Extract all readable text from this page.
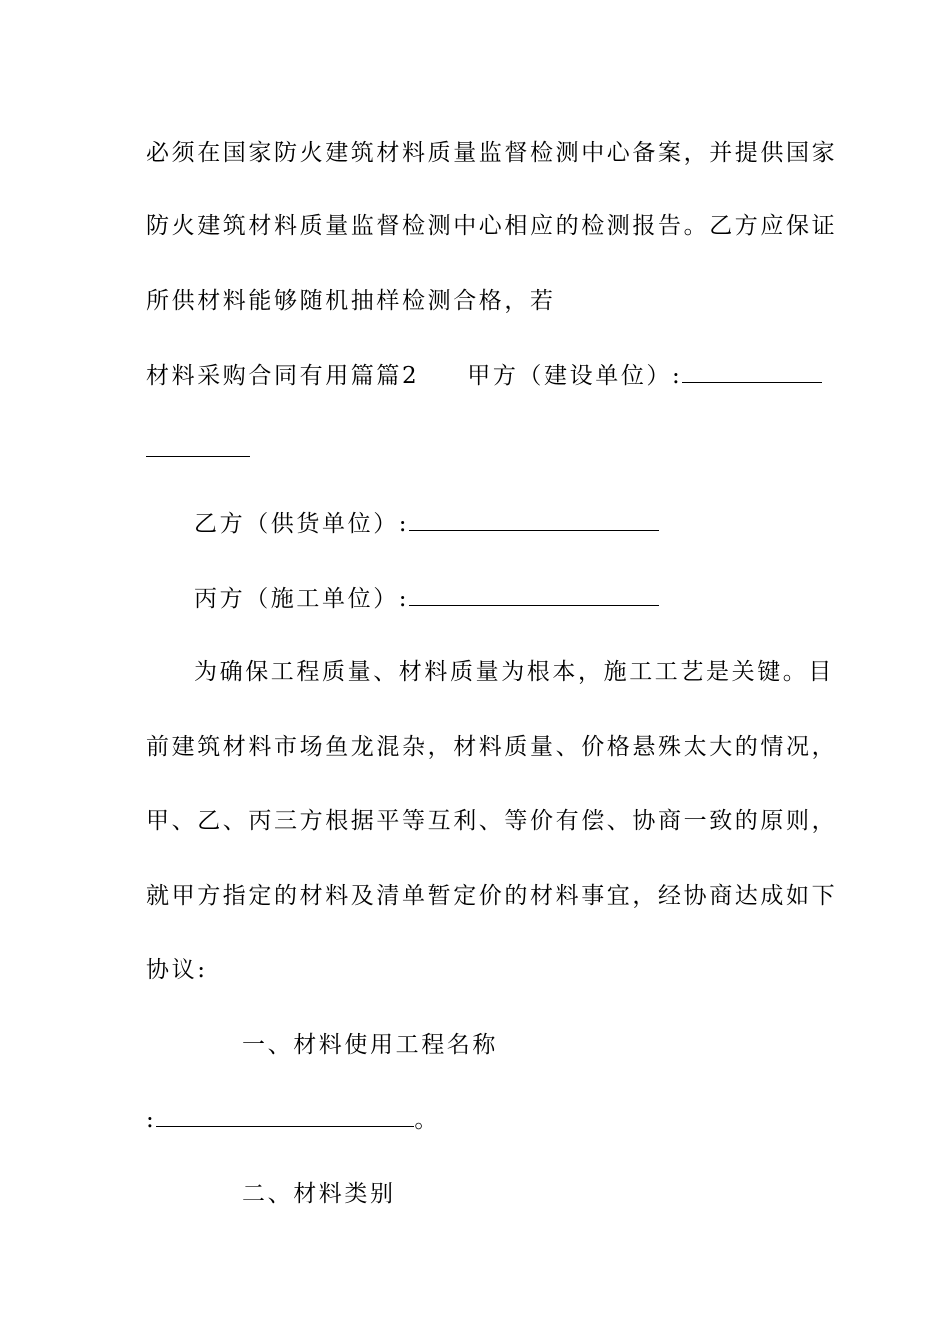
必须在国家防火建筑材料质量监督检测中心备案，并提供国家
防火建筑材料质量监督检测中心相应的检测报告。乙方应保证
所供材料能够随机抽样检测合格，若
材料采购合同有用篇篇2 甲方（建设单位）:
乙方（供货单位）:
丙方（施工单位）:
为确保工程质量、材料质量为根本，施工工艺是关键。目
前建筑材料市场鱼龙混杂，材料质量、价格悬殊太大的情况，
甲、乙、丙三方根据平等互利、等价有偿、协商一致的原则，
就甲方指定的材料及清单暂定价的材料事宜，经协商达成如下
协议:
一、材料使用工程名称
:	。
二、材料类别
